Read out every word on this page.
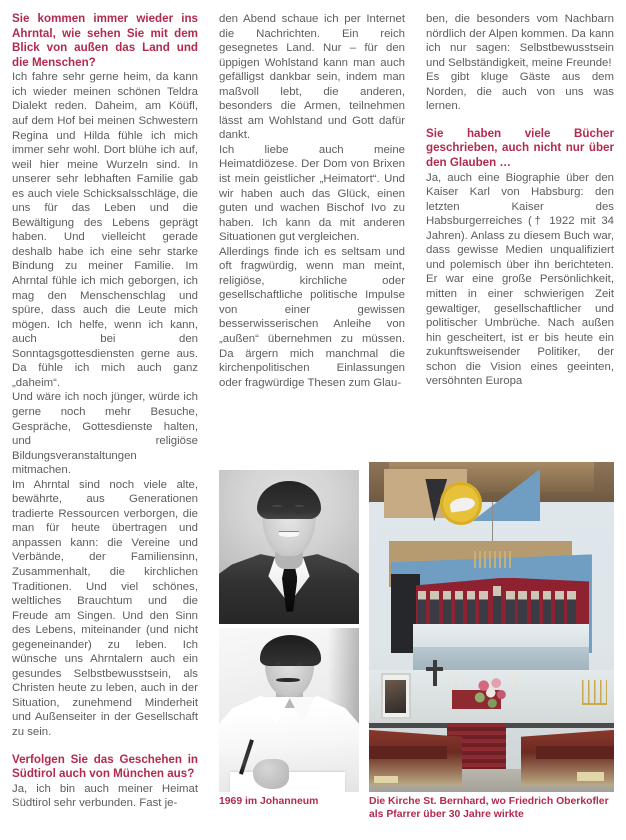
Sie kommen immer wieder ins Ahrntal, wie sehen Sie mit dem Blick von außen das Land und die Menschen?

Ich fahre sehr gerne heim, da kann ich wieder meinen schönen Teldra Dialekt reden. Daheim, am Köüfl, auf dem Hof bei meinen Schwestern Regina und Hilda fühle ich mich immer sehr wohl. Dort blühe ich auf, weil hier meine Wurzeln sind. In unserer sehr lebhaften Familie gab es auch viele Schicksalsschläge, die uns für das Leben und die Bewältigung des Lebens geprägt haben. Und vielleicht gerade deshalb habe ich eine sehr starke Bindung zu meiner Familie. Im Ahrntal fühle ich mich geborgen, ich mag den Menschenschlag und spüre, dass auch die Leute mich mögen. Ich helfe, wenn ich kann, auch bei den Sonntagsgottesdiensten gerne aus. Da fühle ich mich auch ganz „daheim“.

Und wäre ich noch jünger, würde ich gerne noch mehr Besuche, Gespräche, Gottesdienste halten, und religiöse Bildungsveranstaltungen mitmachen.

Im Ahrntal sind noch viele alte, bewährte, aus Generationen tradierte Ressourcen verborgen, die man für heute übertragen und anpassen kann: die Vereine und Verbände, der Familiensinn, Zusammenhalt, die kirchlichen Traditionen. Und viel schönes, weltliches Brauchtum und die Freude am Singen. Und den Sinn des Lebens, miteinander (und nicht gegeneinander) zu leben. Ich wünsche uns Ahrntalern auch ein gesundes Selbstbewusstsein, als Christen heute zu leben, auch in der Situation, zunehmend Minderheit und Außenseiter in der Gesellschaft zu sein.

Verfolgen Sie das Geschehen in Südtirol auch von München aus?

Ja, ich bin auch meiner Heimat Südtirol sehr verbunden. Fast je-

den Abend schaue ich per Internet die Nachrichten. Ein reich gesegnetes Land. Nur – für den üppigen Wohlstand kann man auch gefälligst dankbar sein, indem man maßvoll lebt, die anderen, besonders die Armen, teilnehmen lässt am Wohlstand und Gott dafür dankt.

Ich liebe auch meine Heimatdiözese. Der Dom von Brixen ist mein geistlicher „Heimatort“. Und wir haben auch das Glück, einen guten und wachen Bischof Ivo zu haben. Ich kann da mit anderen Situationen gut vergleichen.

Allerdings finde ich es seltsam und oft fragwürdig, wenn man meint, religiöse, kirchliche oder gesellschaftliche politische Impulse von einer gewissen besserwisserischen Anleihe von „außen“ übernehmen zu müssen. Da ärgern mich manchmal die kirchenpolitischen Einlassungen oder fragwürdige Thesen zum Glau-

ben, die besonders vom Nachbarn nördlich der Alpen kommen. Da kann ich nur sagen: Selbstbewusstsein und Selbständigkeit, meine Freunde!

Es gibt kluge Gäste aus dem Norden, die auch von uns was lernen.

Sie haben viele Bücher geschrieben, auch nicht nur über den Glauben …

Ja, auch eine Biographie über den Kaiser Karl von Habsburg: den letzten Kaiser des Habsburgerreiches († 1922 mit 34 Jahren). Anlass zu diesem Buch war, dass gewisse Medien unqualifiziert und polemisch über ihn berichteten. Er war eine große Persönlichkeit, mitten in einer schwierigen Zeit gewaltiger, gesellschaftlicher und politischer Umbrüche. Nach außen hin gescheitert, ist er bis heute ein zukunftsweisender Politiker, der schon die Vision eines geeinten, versöhnten Europa

1969 im Johanneum	Die Kirche St. Bernhard, wo Friedrich Oberkofler als Pfarrer über 30 Jahre wirkte
